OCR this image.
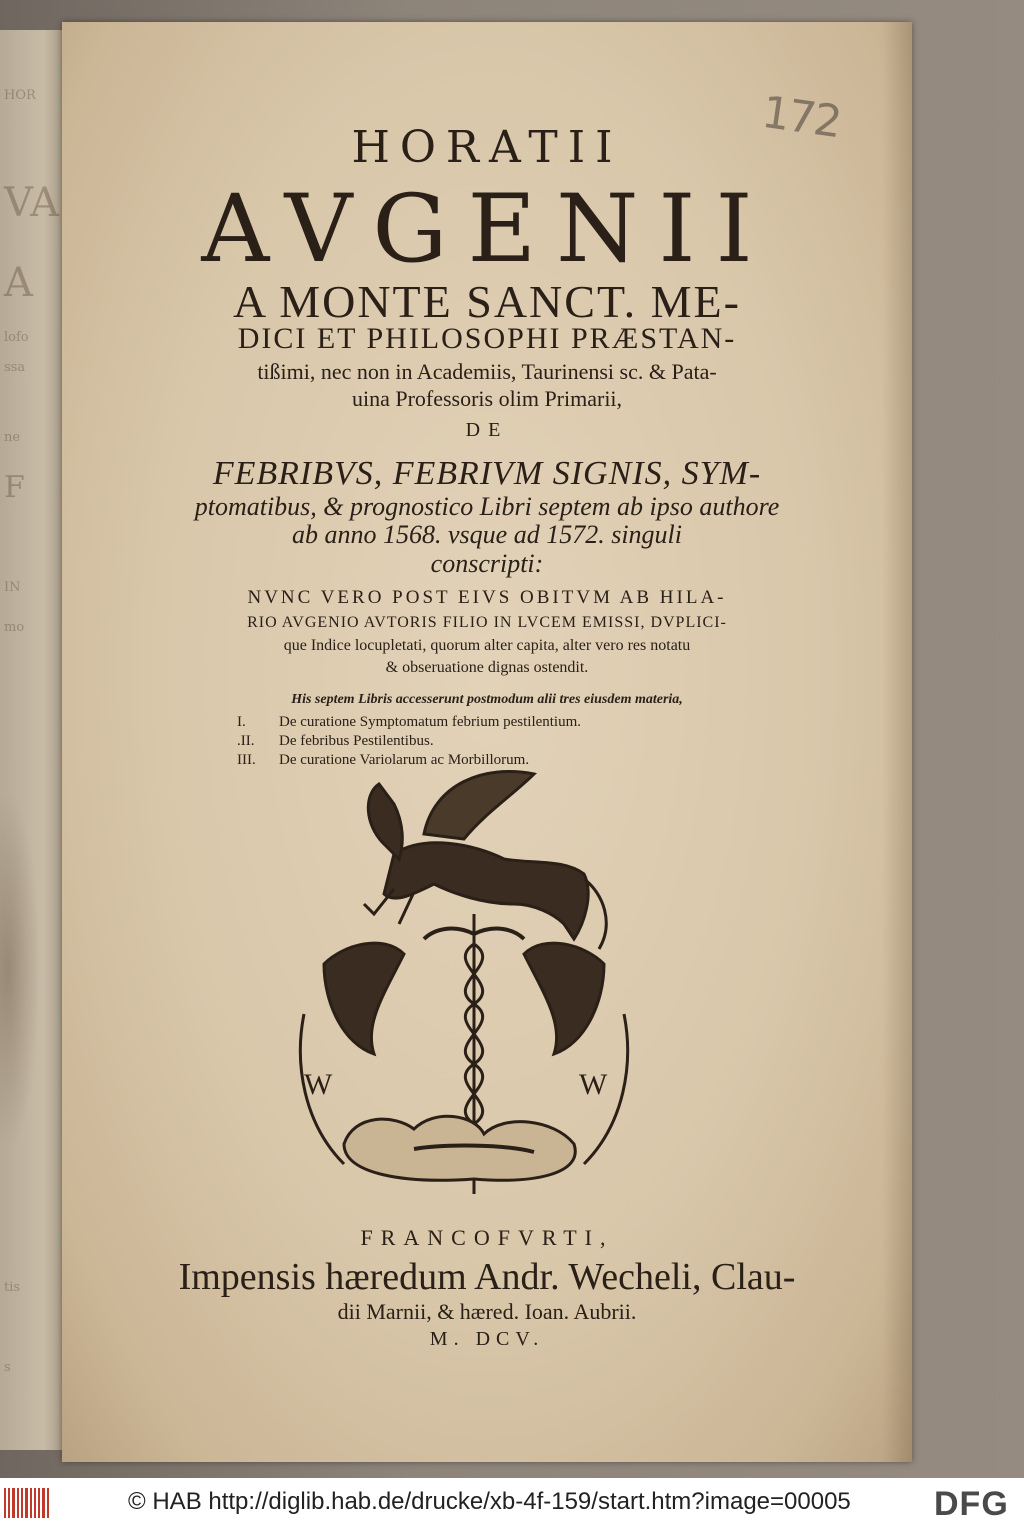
HOR
VA
A
lofo
ssa
ne
F
IN
mo
tis
s
172
HORATII
AVGENII
A MONTE SANCT. ME-
DICI ET PHILOSOPHI PRÆSTAN-
tißimi, nec non in Academiis, Taurinensi sc. & Pata-
uina Professoris olim Primarii,
DE
FEBRIBVS, FEBRIVM SIGNIS, SYM-
ptomatibus, & prognostico Libri septem ab ipso authore
ab anno 1568. vsque ad 1572. singuli
conscripti:
NVNC VERO POST EIVS OBITVM AB HILA-
RIO AVGENIO AVTORIS FILIO IN LVCEM EMISSI, DVPLICI-
que Indice locupletati, quorum alter capita, alter vero res notatu
& obseruatione dignas ostendit.
His septem Libris accesserunt postmodum alii tres eiusdem materia,
I.	De curatione Symptomatum febrium pestilentium.
.II.	De febribus Pestilentibus.
III.	De curatione Variolarum ac Morbillorum.
W	W
FRANCOFVRTI,
Impensis hæredum Andr. Wecheli, Clau-
dii Marnii, & hæred. Ioan. Aubrii.
M. DCV.
© HAB http://diglib.hab.de/drucke/xb-4f-159/start.htm?image=00005 DFG
